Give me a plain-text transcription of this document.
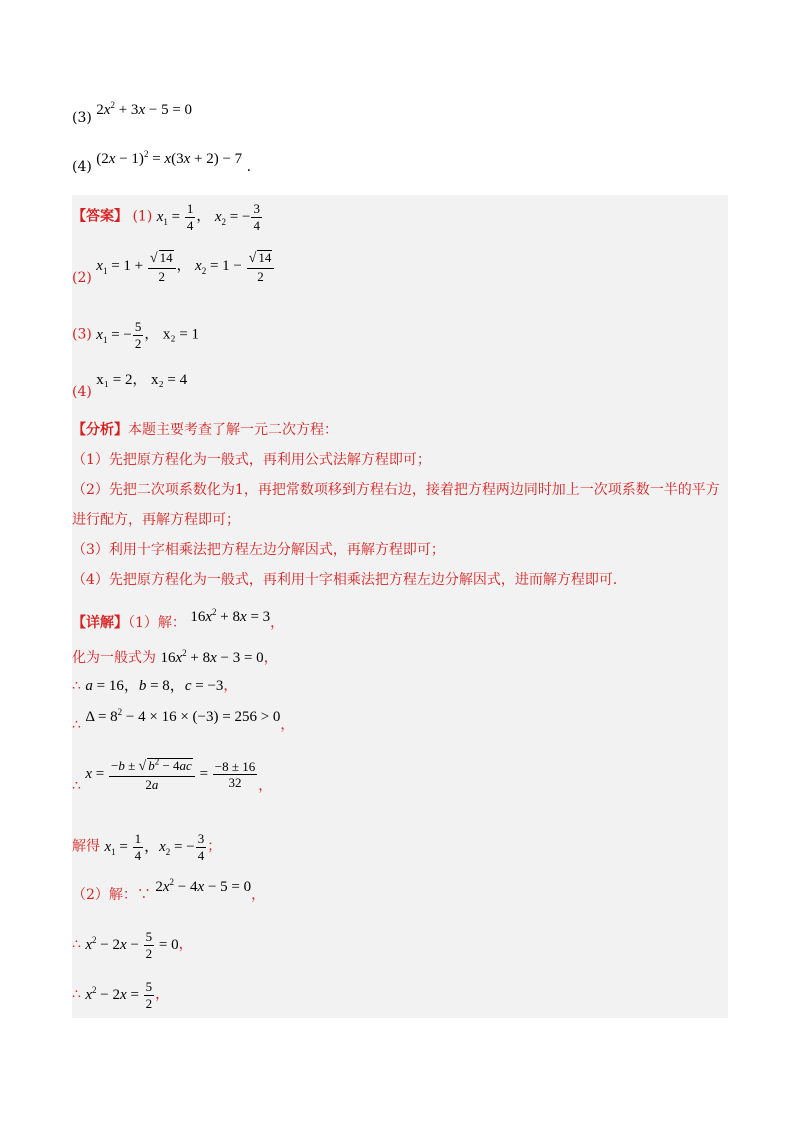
(3) $2x^2 + 3x - 5 = 0$
(4) $(2x - 1)^2 = x(3x + 2) - 7$ .
【答案】 (1) $x_1 = \frac{1}{4}$ ， $x_2$ = − $\frac{3}{4}$
(2) $x_1 = 1 + \frac{√ 14}{2}$ ， $x_2 = 1 - \frac{√ 14}{2}$
(3) $x_1$ = − $\frac{5}{2}$ ， x₂ = 1
(4) x₁ = 2， x₂ = 4
【分析】本题主要考查了解一元二次方程：
（1）先把原方程化为一般式，再利用公式法解方程即可；
（2）先把二次项系数化为1，再把常数项移到方程右边，接着把方程两边同时加上一次项系数一半的平方
进行配方，再解方程即可；
（3）利用十字相乘法把方程左边分解因式，再解方程即可；
（4）先把原方程化为一般式，再利用十字相乘法把方程左边分解因式，进而解方程即可．
【详解】（1）解： $16x^2 + 8x = 3$，
化为一般式为 $16x^2 + 8x - 3 = 0$，
∴ a = 16，b = 8，c = −3，
∴ $\Delta = 8^2 - 4 \times 16 \times (-3) = 256 > 0$，
∴ $x = \frac{-b \pm √ b^2 - 4ac}{2a} = \frac{-8 \pm 16}{32}$ ，
解得 $x_1 = \frac{1}{4}$ ，$x_2$ = − $\frac{3}{4}$ ；
（2）解：∵ $2x^2 - 4x - 5 = 0$，
∴ $x^2 - 2x - \frac{5}{2} = 0$，
∴ $x^2 - 2x = \frac{5}{2}$ ，
